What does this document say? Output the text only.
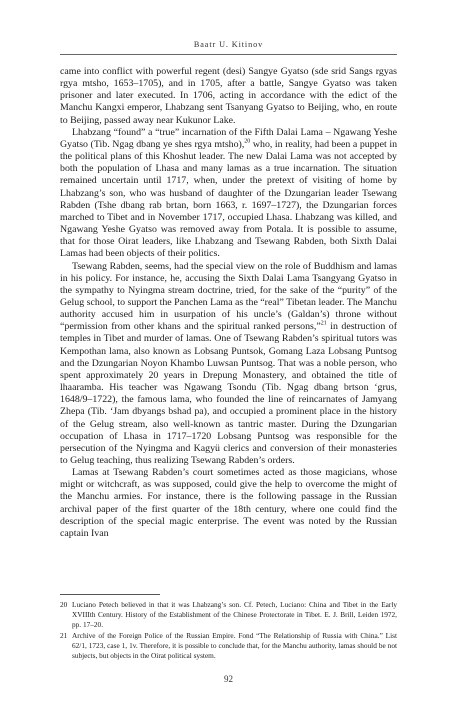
Baatr U. Kitinov

came into conflict with powerful regent (desi) Sangye Gyatso (sde srid Sangs rgyas rgya mtsho, 1653–1705), and in 1705, after a battle, Sangye Gyatso was taken prisoner and later executed. In 1706, acting in accordance with the edict of the Manchu Kangxi emperor, Lhabzang sent Tsanyang Gyatso to Beijing, who, en route to Beijing, passed away near Kukunor Lake.

Lhabzang “found” a “true” incarnation of the Fifth Dalai Lama – Ngawang Yeshe Gyatso (Tib. Ngag dbang ye shes rgya mtsho),$^{20}$ who, in reality, had been a puppet in the political plans of this Khoshut leader. The new Dalai Lama was not accepted by both the population of Lhasa and many lamas as a true incarnation. The situation remained uncertain until 1717, when, under the pretext of visiting of home by Lhabzang’s son, who was husband of daughter of the Dzungarian leader Tsewang Rabden (Tshe dbang rab brtan, born 1663, r. 1697–1727), the Dzungarian forces marched to Tibet and in November 1717, occupied Lhasa. Lhabzang was killed, and Ngawang Yeshe Gyatso was removed away from Potala. It is possible to assume, that for those Oirat leaders, like Lhabzang and Tsewang Rabden, both Sixth Dalai Lamas had been objects of their politics.

Tsewang Rabden, seems, had the special view on the role of Buddhism and lamas in his policy. For instance, he, accusing the Sixth Dalai Lama Tsangyang Gyatso in the sympathy to Nyingma stream doctrine, tried, for the sake of the “purity” of the Gelug school, to support the Panchen Lama as the “real” Tibetan leader. The Manchu authority accused him in usurpation of his uncle’s (Galdan’s) throne without “permission from other khans and the spiritual ranked persons,”$^{21}$ in destruction of temples in Tibet and murder of lamas. One of Tsewang Rabden’s spiritual tutors was Kempothan lama, also known as Lobsang Puntsok, Gomang Laza Lobsang Puntsog and the Dzungarian Noyon Khambo Luwsan Puntsog. That was a noble person, who spent approximately 20 years in Drepung Monastery, and obtained the title of lhaaramba. His teacher was Ngawang Tsondu (Tib. Ngag dbang brtson ‘grus, 1648/9–1722), the famous lama, who founded the line of reincarnates of Jamyang Zhepa (Tib. ‘Jam dbyangs bshad pa), and occupied a prominent place in the history of the Gelug stream, also well-known as tantric master. During the Dzungarian occupation of Lhasa in 1717–1720 Lobsang Puntsog was responsible for the persecution of the Nyingma and Kagyü clerics and conversion of their monasteries to Gelug teaching, thus realizing Tsewang Rabden’s orders.

Lamas at Tsewang Rabden’s court sometimes acted as those magicians, whose might or witchcraft, as was supposed, could give the help to overcome the might of the Manchu armies. For instance, there is the following passage in the Russian archival paper of the first quarter of the 18th century, where one could find the description of the special magic enterprise. The event was noted by the Russian captain Ivan

20 Luciano Petech believed in that it was Lhabzang’s son. Cf. Petech, Luciano: China and Tibet in the Early XVIIIth Century. History of the Establishment of the Chinese Protectorate in Tibet. E. J. Brill, Leiden 1972, pp. 17–20.
21 Archive of the Foreign Police of the Russian Empire. Fond “The Relationship of Russia with China.” List 62/1, 1723, case 1, 1v. Therefore, it is possible to conclude that, for the Manchu authority, lamas should be not subjects, but objects in the Oirat political system.
92
